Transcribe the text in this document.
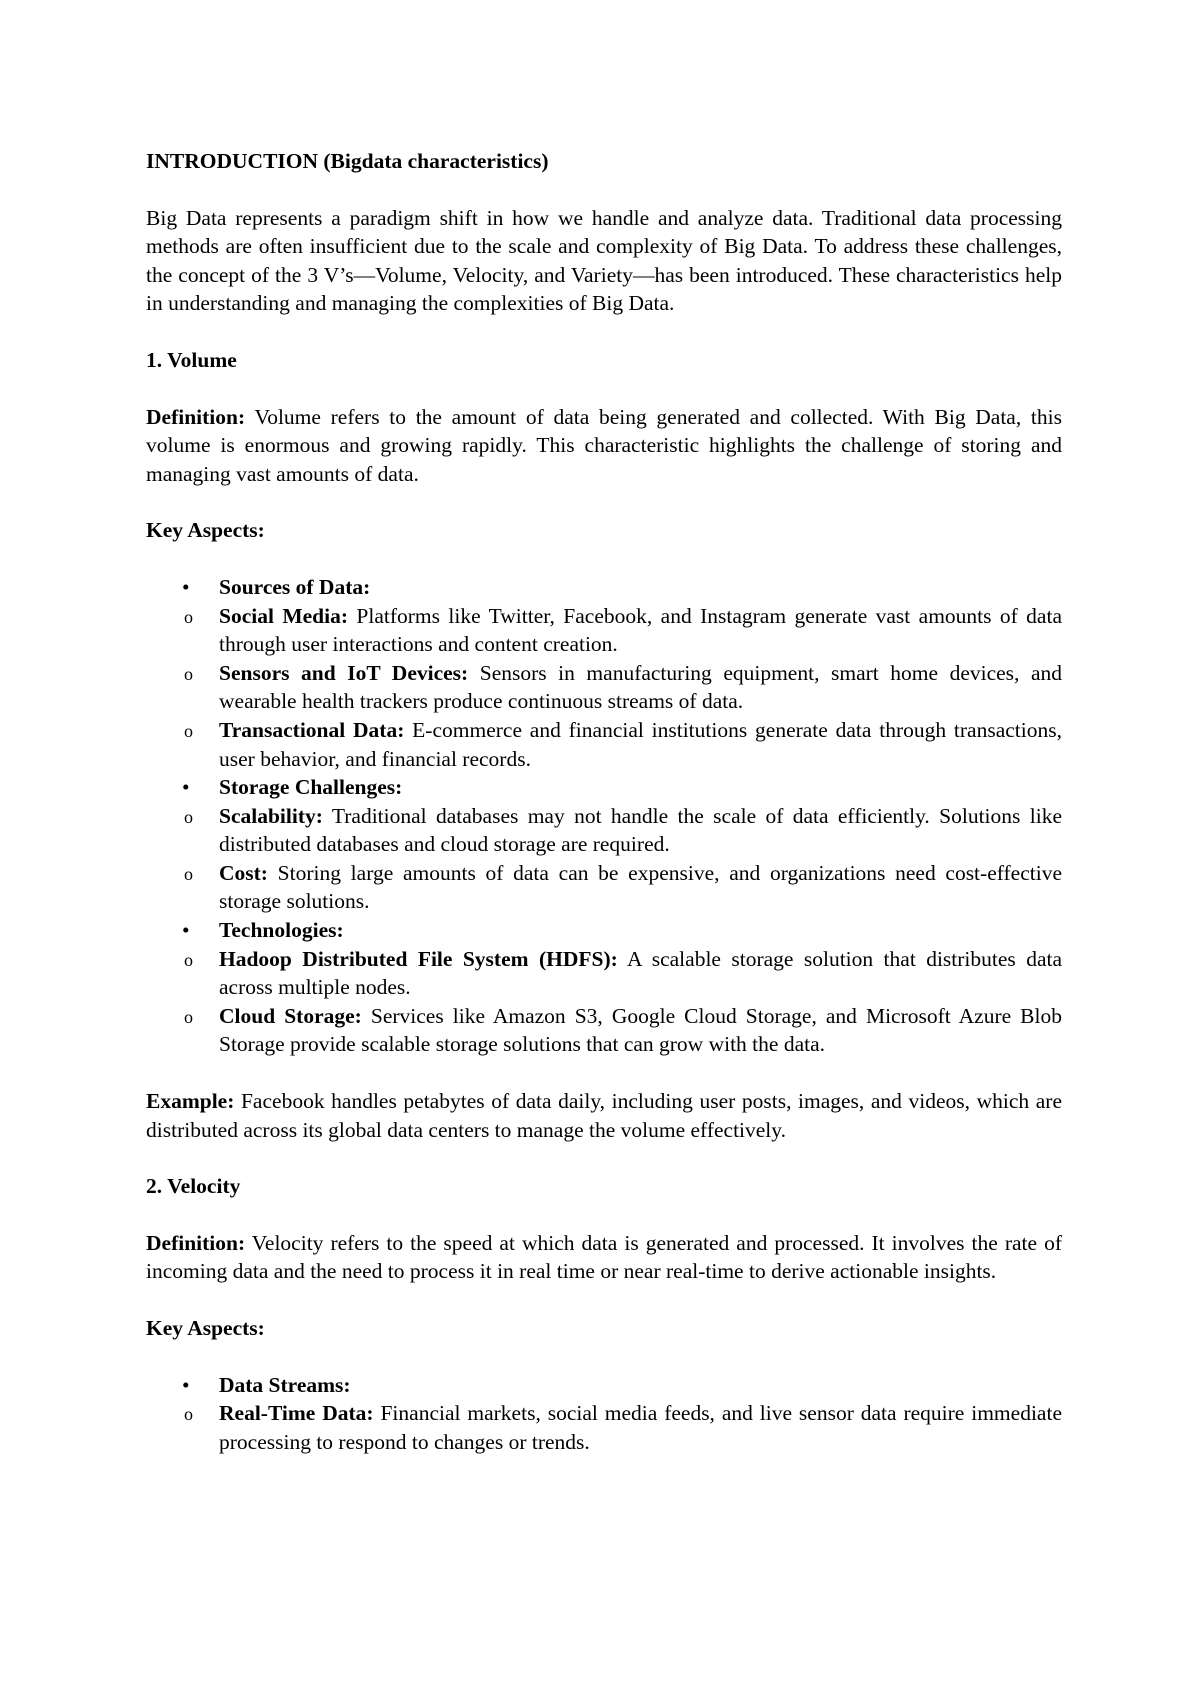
INTRODUCTION (Bigdata characteristics)

Big Data represents a paradigm shift in how we handle and analyze data. Traditional data processing methods are often insufficient due to the scale and complexity of Big Data. To address these challenges, the concept of the 3 V’s—Volume, Velocity, and Variety—has been introduced. These characteristics help in understanding and managing the complexities of Big Data.

1. Volume

Definition: Volume refers to the amount of data being generated and collected. With Big Data, this volume is enormous and growing rapidly. This characteristic highlights the challenge of storing and managing vast amounts of data.

Key Aspects:

• Sources of Data:
o Social Media: Platforms like Twitter, Facebook, and Instagram generate vast amounts of data through user interactions and content creation.
o Sensors and IoT Devices: Sensors in manufacturing equipment, smart home devices, and wearable health trackers produce continuous streams of data.
o Transactional Data: E-commerce and financial institutions generate data through transactions, user behavior, and financial records.
• Storage Challenges:
o Scalability: Traditional databases may not handle the scale of data efficiently. Solutions like distributed databases and cloud storage are required.
o Cost: Storing large amounts of data can be expensive, and organizations need cost-effective storage solutions.
• Technologies:
o Hadoop Distributed File System (HDFS): A scalable storage solution that distributes data across multiple nodes.
o Cloud Storage: Services like Amazon S3, Google Cloud Storage, and Microsoft Azure Blob Storage provide scalable storage solutions that can grow with the data.

Example: Facebook handles petabytes of data daily, including user posts, images, and videos, which are distributed across its global data centers to manage the volume effectively.

2. Velocity

Definition: Velocity refers to the speed at which data is generated and processed. It involves the rate of incoming data and the need to process it in real time or near real-time to derive actionable insights.

Key Aspects:

• Data Streams:
o Real-Time Data: Financial markets, social media feeds, and live sensor data require immediate processing to respond to changes or trends.
